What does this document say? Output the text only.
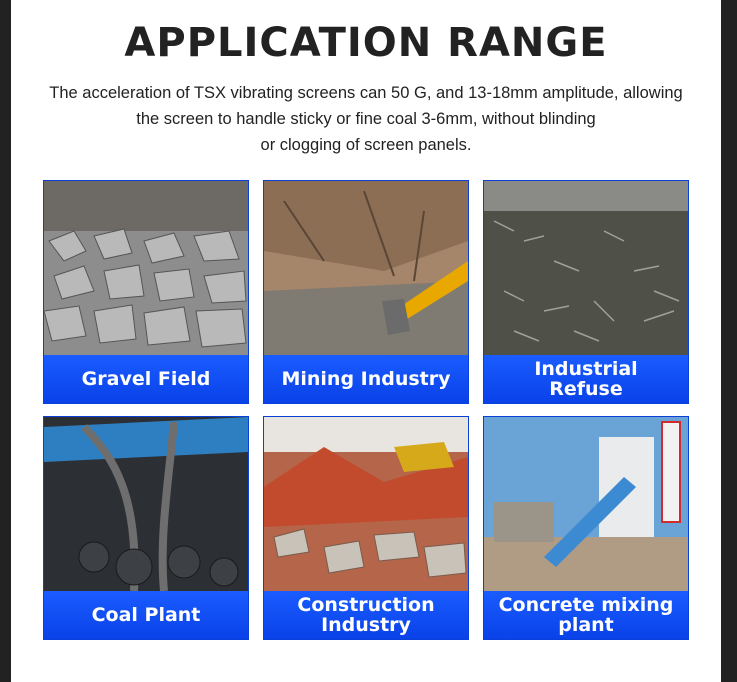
APPLICATION RANGE
The acceleration of TSX vibrating screens can 50 G, and 13-18mm amplitude, allowing
the screen to handle sticky or fine coal 3-6mm, without blinding
or clogging of screen panels.
Gravel Field	Mining Industry	Industrial
Refuse
Coal Plant	Construction
Industry
Concrete mixing
plant
